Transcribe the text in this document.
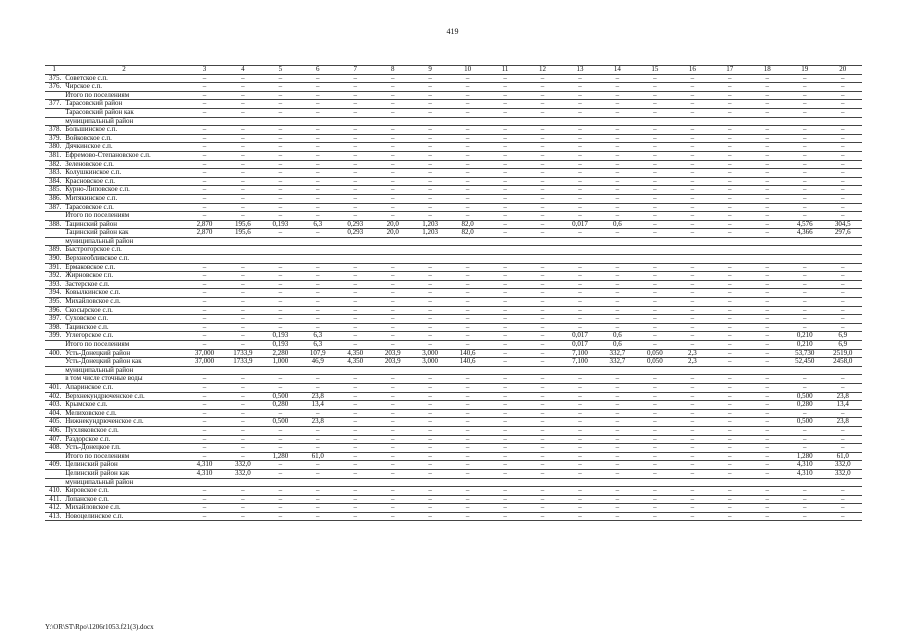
419
1	2	3	4	5	6	7	8	9	10	11	12	13	14	15	16	17	18	19	20
375.	Советское с.п.	–	–	–	–	–	–	–	–	–	–	–	–	–	–	–	–	–	–
376.	Чирское с.п.	–	–	–	–	–	–	–	–	–	–	–	–	–	–	–	–	–	–
	Итого по поселениям	–	–	–	–	–	–	–	–	–	–	–	–	–	–	–	–	–	–
377.	Тарасовский район	–	–	–	–	–	–	–	–	–	–	–	–	–	–	–	–	–	–
	Тарасовский район как	–	–	–	–	–	–	–	–	–	–	–	–	–	–	–	–	–	–
	муниципальный район																		
378.	Большинское с.п.	–	–	–	–	–	–	–	–	–	–	–	–	–	–	–	–	–	–
379.	Войковское с.п.	–	–	–	–	–	–	–	–	–	–	–	–	–	–	–	–	–	–
380.	Дячкинское с.п.	–	–	–	–	–	–	–	–	–	–	–	–	–	–	–	–	–	–
381.	Ефремово-Степановское с.п.	–	–	–	–	–	–	–	–	–	–	–	–	–	–	–	–	–	–
382.	Зеленовское с.п.	–	–	–	–	–	–	–	–	–	–	–	–	–	–	–	–	–	–
383.	Колушкинское с.п.	–	–	–	–	–	–	–	–	–	–	–	–	–	–	–	–	–	–
384.	Красновское с.п.	–	–	–	–	–	–	–	–	–	–	–	–	–	–	–	–	–	–
385.	Курно-Липовское с.п.	–	–	–	–	–	–	–	–	–	–	–	–	–	–	–	–	–	–
386.	Митякинское с.п.	–	–	–	–	–	–	–	–	–	–	–	–	–	–	–	–	–	–
387.	Тарасовское с.п.	–	–	–	–	–	–	–	–	–	–	–	–	–	–	–	–	–	–
	Итого по поселениям	–	–	–	–	–	–	–	–	–	–	–	–	–	–	–	–	–	–
388.	Тацинский район	2,870	195,6	0,193	6,3	0,293	20,0	1,203	82,0	–	–	0,017	0,6	–	–	–	–	4,576	304,5
	Тацинский район как	2,870	195,6	–	–	0,293	20,0	1,203	82,0	–	–	–	–	–	–	–	–	4,366	297,6
	муниципальный район																		
389.	Быстрогорское с.п.																		
390.	Верхнеобливское с.п.																		
391.	Ермаковское с.п.	–	–	–	–	–	–	–	–	–	–	–	–	–	–	–	–	–	–
392.	Жирновское г.п.	–	–	–	–	–	–	–	–	–	–	–	–	–	–	–	–	–	–
393.	Застерское с.п.	–	–	–	–	–	–	–	–	–	–	–	–	–	–	–	–	–	–
394.	Ковылкинское с.п.	–	–	–	–	–	–	–	–	–	–	–	–	–	–	–	–	–	–
395.	Михайловское с.п.	–	–	–	–	–	–	–	–	–	–	–	–	–	–	–	–	–	–
396.	Скосырское с.п.	–	–	–	–	–	–	–	–	–	–	–	–	–	–	–	–	–	–
397.	Суховское с.п.	–	–	–	–	–	–	–	–	–	–	–	–	–	–	–	–	–	–
398.	Тацинское с.п.	–	–	–	–	–	–	–	–	–	–	–	–	–	–	–	–	–	–
399.	Углегорское с.п.	–	–	0,193	6,3	–	–	–	–	–	–	0,017	0,6	–	–	–	–	0,210	6,9
	Итого по поселениям	–	–	0,193	6,3	–	–	–	–	–	–	0,017	0,6	–	–	–	–	0,210	6,9
400.	Усть-Донецкий район	37,000	1733,9	2,280	107,9	4,350	203,9	3,000	140,6	–	–	7,100	332,7	0,050	2,3	–	–	53,730	2519,0
	Усть-Донецкий район как	37,000	1733,9	1,000	46,9	4,350	203,9	3,000	140,6	–	–	7,100	332,7	0,050	2,3	–	–	52,450	2458,0
	муниципальный район																		
	в том числе сточные воды	–	–	–	–	–	–	–	–	–	–	–	–	–	–	–	–	–	–
401.	Апаринское с.п.	–	–	–	–	–	–	–	–	–	–	–	–	–	–	–	–	–	–
402.	Верхнекундрюченское с.п.	–	–	0,500	23,8	–	–	–	–	–	–	–	–	–	–	–	–	0,500	23,8
403.	Крымское с.п.	–	–	0,280	13,4	–	–	–	–	–	–	–	–	–	–	–	–	0,280	13,4
404.	Мелиховское с.п.	–	–	–	–	–	–	–	–	–	–	–	–	–	–	–	–	–	–
405.	Нижнекундрюченское с.п.	–	–	0,500	23,8	–	–	–	–	–	–	–	–	–	–	–	–	0,500	23,8
406.	Пухляковское с.п.	–	–	–	–	–	–	–	–	–	–	–	–	–	–	–	–	–	–
407.	Раздорское с.п.	–	–	–	–	–	–	–	–	–	–	–	–	–	–	–	–	–	–
408.	Усть-Донецкое г.п.	–	–	–	–	–	–	–	–	–	–	–	–	–	–	–	–	–	–
	Итого по поселениям	–	–	1,280	61,0	–	–	–	–	–	–	–	–	–	–	–	–	1,280	61,0
409.	Целинский район	4,310	332,0	–	–	–	–	–	–	–	–	–	–	–	–	–	–	4,310	332,0
	Целинский район как	4,310	332,0	–	–	–	–	–	–	–	–	–	–	–	–	–	–	4,310	332,0
	муниципальный район																		
410.	Кировское с.п.	–	–	–	–	–	–	–	–	–	–	–	–	–	–	–	–	–	–
411.	Лопанское с.п.	–	–	–	–	–	–	–	–	–	–	–	–	–	–	–	–	–	–
412.	Михайловское с.п.	–	–	–	–	–	–	–	–	–	–	–	–	–	–	–	–	–	–
413.	Новоцелинское с.п.	–	–	–	–	–	–	–	–	–	–	–	–	–	–	–	–	–	–
Y:\OR\ST\Rpo\1206r1053.f21(3).docx
